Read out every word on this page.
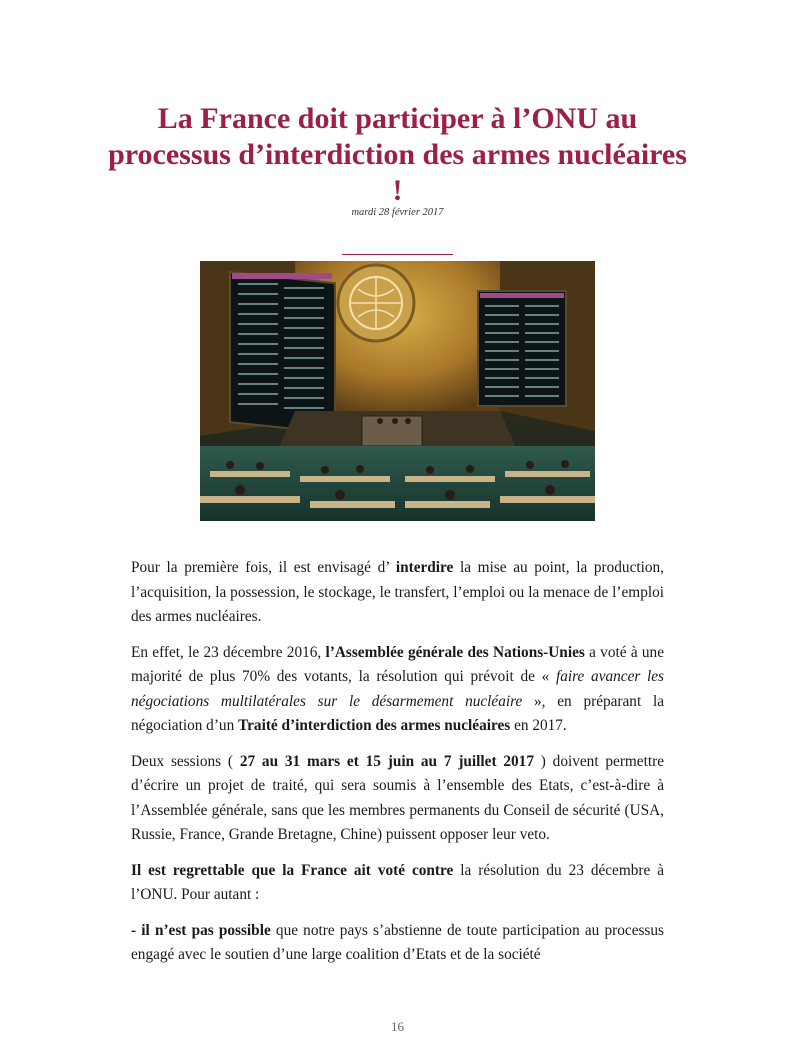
La France doit participer à l’ONU au processus d’interdiction des armes nucléaires !
mardi 28 février 2017

Pour la première fois, il est envisagé d’ interdire la mise au point, la production, l’acquisition, la possession, le stockage, le transfert, l’emploi ou la menace de l’emploi des armes nucléaires.

En effet, le 23 décembre 2016, l’Assemblée générale des Nations-Unies a voté à une majorité de plus 70% des votants, la résolution qui prévoit de « faire avancer les négociations multilatérales sur le désarmement nucléaire », en préparant la négociation d’un Traité d’interdiction des armes nucléaires en 2017.

Deux sessions ( 27 au 31 mars et 15 juin au 7 juillet 2017 ) doivent permettre d’écrire un projet de traité, qui sera soumis à l’ensemble des Etats, c’est-à-dire à l’Assemblée générale, sans que les membres permanents du Conseil de sécurité (USA, Russie, France, Grande Bretagne, Chine) puissent opposer leur veto.

Il est regrettable que la France ait voté contre la résolution du 23 décembre à l’ONU. Pour autant :

- il n’est pas possible que notre pays s’abstienne de toute participation au processus engagé avec le soutien d’une large coalition d’Etats et de la société

16
